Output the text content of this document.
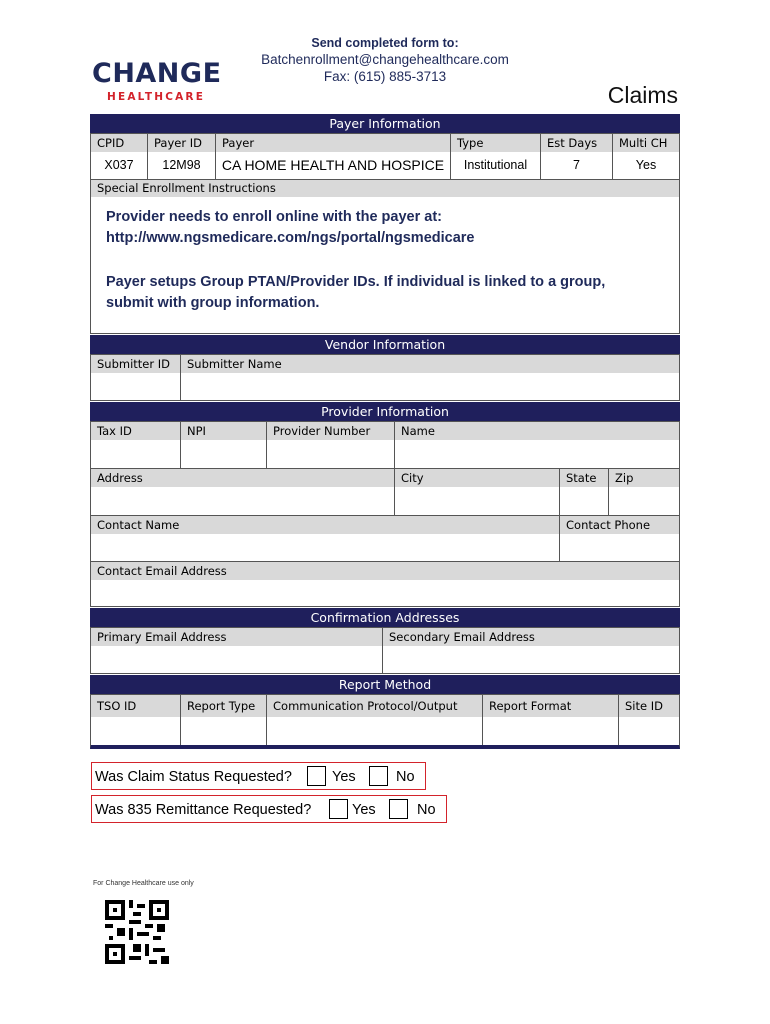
Send completed form to:
Batchenrollment@changehealthcare.com
Fax: (615) 885-3713
CHANGE
HEALTHCARE	Claims
Payer Information
CPID	Payer ID	Payer	Type	Est Days	Multi CH
X037	12M98	CA HOME HEALTH AND HOSPICE	Institutional	7	Yes
Special Enrollment Instructions

Provider needs to enroll online with the payer at:

http://www.ngsmedicare.com/ngs/portal/ngsmedicare

Payer setups Group PTAN/Provider IDs. If individual is linked to a group,

submit with group information.

Vendor Information
Submitter ID	Submitter Name
Provider Information
Tax ID	NPI	Provider Number	Name
Address	City	State	Zip
Contact Name	Contact Phone
Contact Email Address
Confirmation Addresses
Primary Email Address	Secondary Email Address
Report Method
TSO ID	Report Type	Communication Protocol/Output	Report Format	Site ID
Was Claim Status Requested?	Yes	No
Was 835 Remittance Requested?	Yes	No
For Change Healthcare use only
